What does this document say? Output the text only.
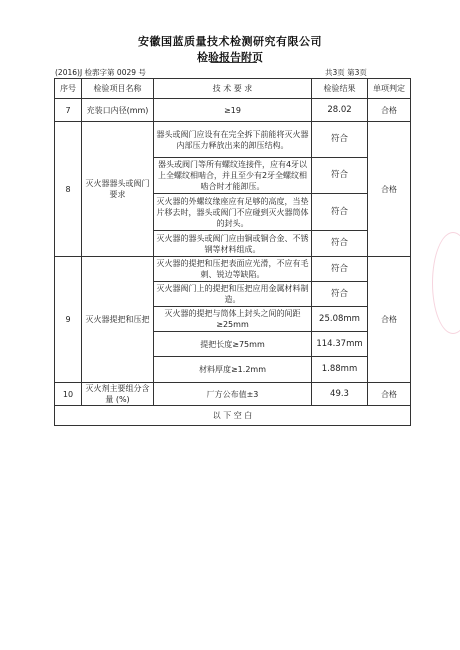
安徽国蓝质量技术检测研究有限公司
检验报告附页
(2016)J 检郛字第 0029 号	共3页 第3页
序号	检验项目名称	技 术 要 求	检验结果	单项判定
7	充装口内径(mm)	≥19	28.02	合格
8	灭火器器头或阀门要求	器头或阀门应设有在完全拆下前能将灭火器内部压力释放出来的卸压结构。	符合	合格
		器头或阀门等所有螺纹连接件，应有4牙以上全螺纹相啮合，并且至少有2牙全螺纹相啮合时才能卸压。	符合	
		灭火器的外螺纹缘座应有足够的高度，当垫片移去时，器头或阀门不应碰到灭火器筒体的封头。	符合	
		灭火器的器头或阀门应由铜或铜合金、不锈钢等材料组成。	符合	
9	灭火器提把和压把	灭火器的提把和压把表面应光滑，不应有毛刺、锐边等缺陷。	符合	合格
		灭火器阀门上的提把和压把应用金属材料制造。	符合	
		灭火器的提把与筒体上封头之间的间距≥25mm	25.08mm	
		提把长度≥75mm	114.37mm	
		材料厚度≥1.2mm	1.88mm	
10	灭火剂主要组分含量 (%)	厂方公布值±3	49.3	合格
以 下 空 白				
